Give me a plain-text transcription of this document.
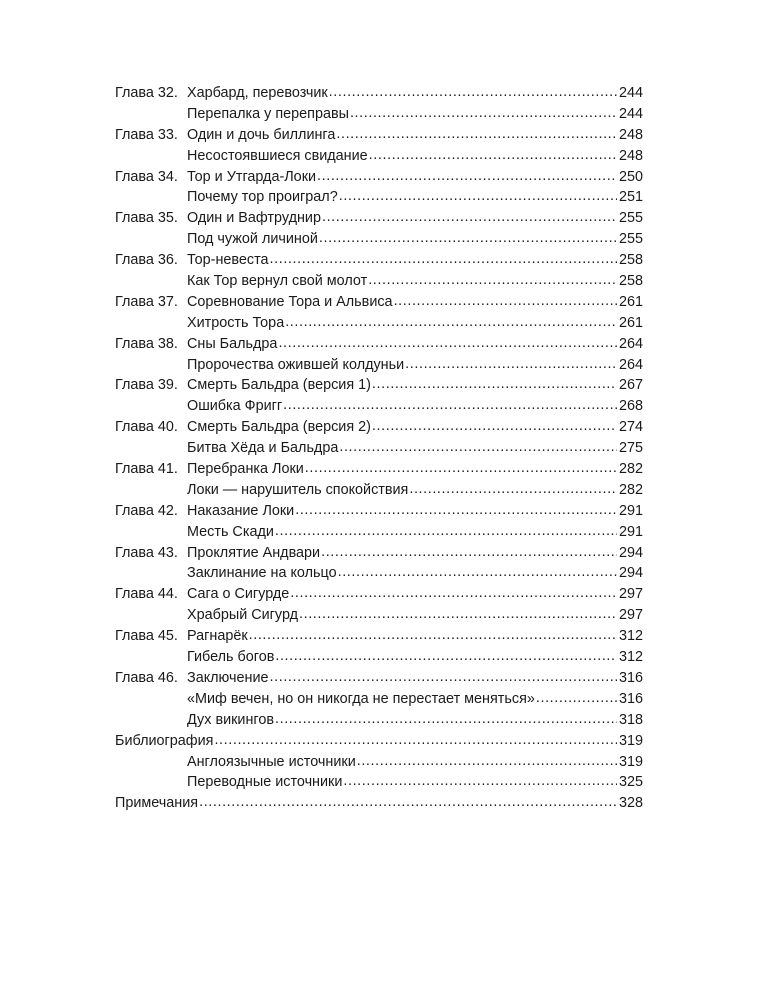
Глава 32. Харбард, перевозчик .....	244
Перепалка у переправы .....	244
Глава 33. Один и дочь биллинга .....	248
Несостоявшиеся свидание .....	248
Глава 34. Тор и Утгарда-Локи .....	250
Почему тор проиграл? .....	251
Глава 35. Один и Вафтруднир .....	255
Под чужой личиной .....	255
Глава 36. Тор-невеста .....	258
Как Тор вернул свой молот .....	258
Глава 37. Соревнование Тора и Альвиса .....	261
Хитрость Тора .....	261
Глава 38. Сны Бальдра .....	264
Пророчества ожившей колдуньи .....	264
Глава 39. Смерть Бальдра (версия 1) .....	267
Ошибка Фригг .....	268
Глава 40. Смерть Бальдра (версия 2) .....	274
Битва Хёда и Бальдра .....	275
Глава 41. Перебранка Локи .....	282
Локи — нарушитель спокойствия .....	282
Глава 42. Наказание Локи .....	291
Месть Скади .....	291
Глава 43. Проклятие Андвари .....	294
Заклинание на кольцо .....	294
Глава 44. Сага о Сигурде .....	297
Храбрый Сигурд .....	297
Глава 45. Рагнарёк .....	312
Гибель богов .....	312
Глава 46. Заключение .....	316
«Миф вечен, но он никогда не перестает меняться» .....	316
Дух викингов .....	318
Библиография .....	319
Англоязычные источники .....	319
Переводные источники .....	325
Примечания .....	328
